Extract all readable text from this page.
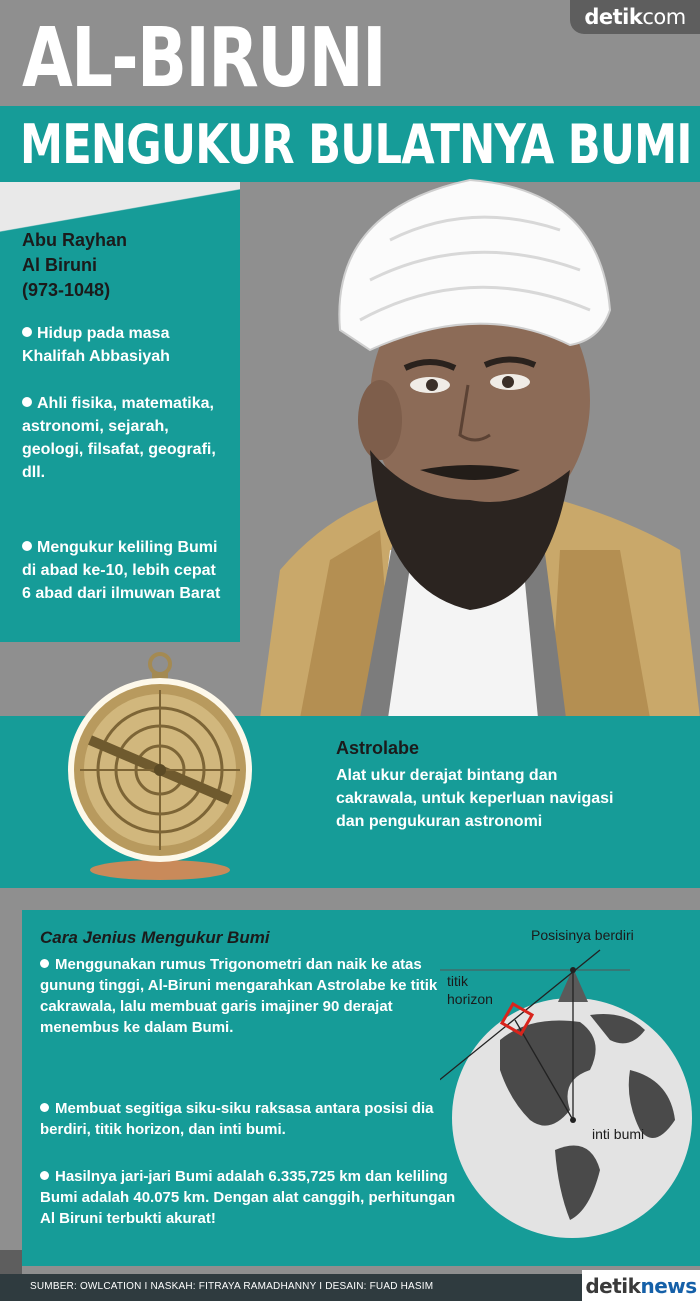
detik com
AL-BIRUNI
MENGUKUR BULATNYA BUMI
Abu Rayhan
Al Biruni
(973-1048)
Hidup pada masa Khalifah Abbasiyah
Ahli fisika, matematika, astronomi, sejarah, geologi, filsafat, geografi, dll.
Mengukur keliling Bumi di abad ke-10, lebih cepat 6 abad dari ilmuwan Barat
Astrolabe
Alat ukur derajat bintang dan cakrawala, untuk keperluan navigasi dan pengukuran astronomi
Cara Jenius Mengukur Bumi
Menggunakan rumus Trigonometri dan naik ke atas gunung tinggi, Al-Biruni mengarahkan Astrolabe ke titik cakrawala, lalu membuat garis imajiner 90 derajat menembus ke dalam Bumi.
Membuat segitiga siku-siku raksasa antara posisi dia berdiri, titik horizon, dan inti bumi.
Hasilnya jari-jari Bumi adalah 6.335,725 km dan keliling Bumi adalah 40.075 km. Dengan alat canggih, perhitungan Al Biruni terbukti akurat!
Posisinya berdiri
titik horizon
inti bumi
SUMBER: OWLCATION I NASKAH: FITRAYA RAMADHANNY I DESAIN: FUAD HASIM	detik news
